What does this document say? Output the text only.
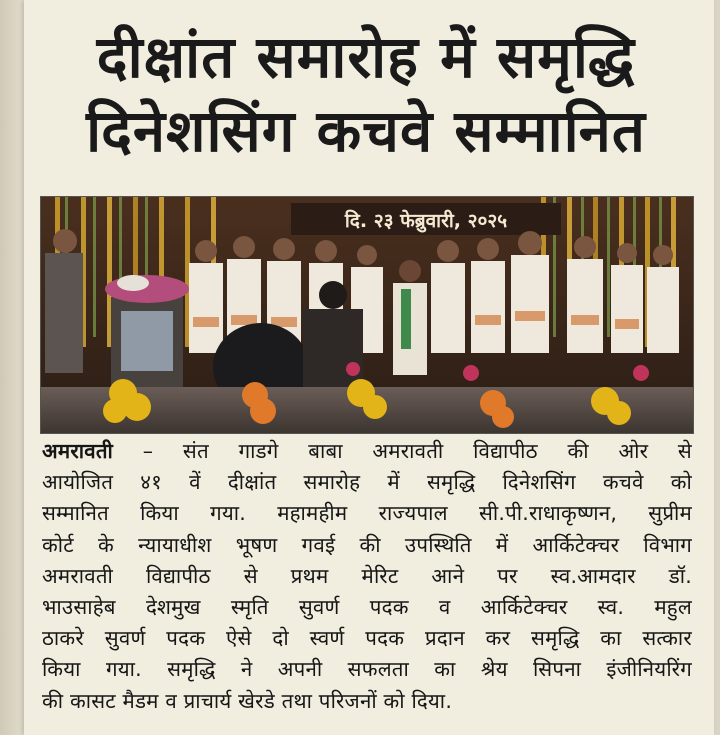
दीक्षांत समारोह में समृद्धि
दिनेशसिंग कचवे सम्मानित
दि. २३ फेब्रुवारी, २०२५
अमरावती – संत गाडगे बाबा अमरावती विद्यापीठ की ओर से
आयोजित ४१ वें दीक्षांत समारोह में समृद्धि दिनेशसिंग कचवे को
सम्मानित किया गया. महामहीम राज्यपाल सी.पी.राधाकृष्णन, सुप्रीम
कोर्ट के न्यायाधीश भूषण गवई की उपस्थिति में आर्किटेक्चर विभाग
अमरावती विद्यापीठ से प्रथम मेरिट आने पर स्व.आमदार डॉ.
भाउसाहेब देशमुख स्मृति सुवर्ण पदक व आर्किटेक्चर स्व. महुल
ठाकरे सुवर्ण पदक ऐसे दो स्वर्ण पदक प्रदान कर समृद्धि का सत्कार
किया गया. समृद्धि ने अपनी सफलता का श्रेय सिपना इंजीनियरिंग
की कासट मैडम व प्राचार्य खेरडे तथा परिजनों को दिया.
